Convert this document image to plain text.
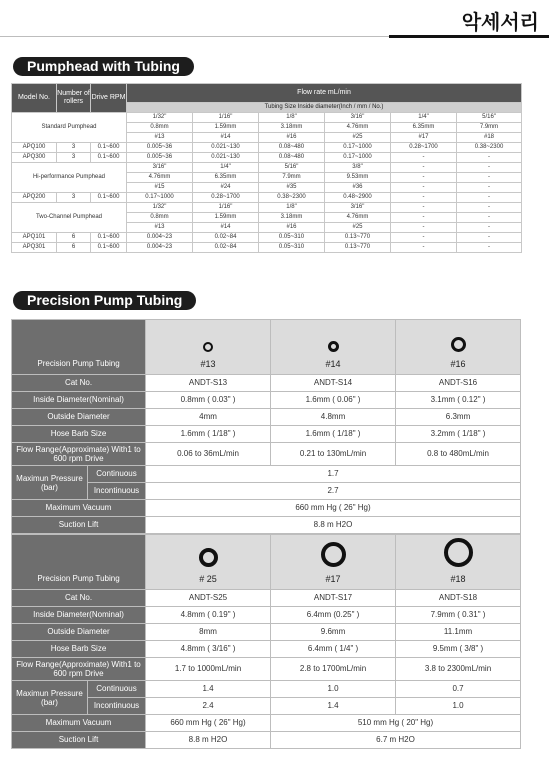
악세서리
Pumphead with Tubing
Model No.	Number of rollers	Drive RPM	Flow rate mL/min					
			Tubing Size Inside diameter(Inch / mm / No.)					
Standard Pumphead			1/32"	1/16"	1/8"	3/16"	1/4"	5/16"
			0.8mm	1.59mm	3.18mm	4.76mm	6.35mm	7.9mm
			#13	#14	#16	#25	#17	#18
APQ100	3	0.1~600	0.005~36	0.021~130	0.08~480	0.17~1000	0.28~1700	0.38~2300
APQ300	3	0.1~600	0.005~36	0.021~130	0.08~480	0.17~1000	-	-
Hi-performance Pumphead			3/16"	1/4"	5/16"	3/8"	-	-
			4.76mm	6.35mm	7.9mm	9.53mm	-	-
			#15	#24	#35	#36	-	-
APQ200	3	0.1~600	0.17~1000	0.28~1700	0.38~2300	0.48~2900	-	-
Two-Channel Pumphead			1/32"	1/16"	1/8"	3/16"	-	-
			0.8mm	1.59mm	3.18mm	4.76mm	-	-
			#13	#14	#16	#25	-	-
APQ101	6	0.1~600	0.004~23	0.02~84	0.05~310	0.13~770	-	-
APQ301	6	0.1~600	0.004~23	0.02~84	0.05~310	0.13~770	-	-
Precision Pump Tubing
Precision Pump Tubing		#13	#14	#16
Cat No.		ANDT-S13	ANDT-S14	ANDT-S16
Inside Diameter(Nominal)		0.8mm ( 0.03" )	1.6mm ( 0.06" )	3.1mm ( 0.12" )
Outside Diameter		4mm	4.8mm	6.3mm
Hose Barb Size		1.6mm ( 1/18" )	1.6mm ( 1/18" )	3.2mm ( 1/18" )
Flow Range(Approximate) With1 to 600 rpm Drive		0.06 to 36mL/min	0.21 to 130mL/min	0.8 to 480mL/min
Maximun Pressure (bar)	Continuous	1.7		
	Incontinuous	2.7		
Maximum Vacuum		660 mm Hg ( 26" Hg)		
Suction Lift		8.8 m H2O		
Precision Pump Tubing		# 25	#17	#18
Cat No.		ANDT-S25	ANDT-S17	ANDT-S18
Inside Diameter(Nominal)		4.8mm ( 0.19" )	6.4mm (0.25" )	7.9mm ( 0.31" )
Outside Diameter		8mm	9.6mm	11.1mm
Hose Barb Size		4.8mm ( 3/16" )	6.4mm ( 1/4" )	9.5mm ( 3/8" )
Flow Range(Approximate) With1 to 600 rpm Drive		1.7 to 1000mL/min	2.8 to 1700mL/min	3.8 to 2300mL/min
Maximun Pressure (bar)	Continuous	1.4	1.0	0.7
	Incontinuous	2.4	1.4	1.0
Maximum Vacuum		660 mm Hg ( 26" Hg)	510 mm Hg ( 20" Hg)	
Suction Lift		8.8 m H2O	6.7 m H2O	
